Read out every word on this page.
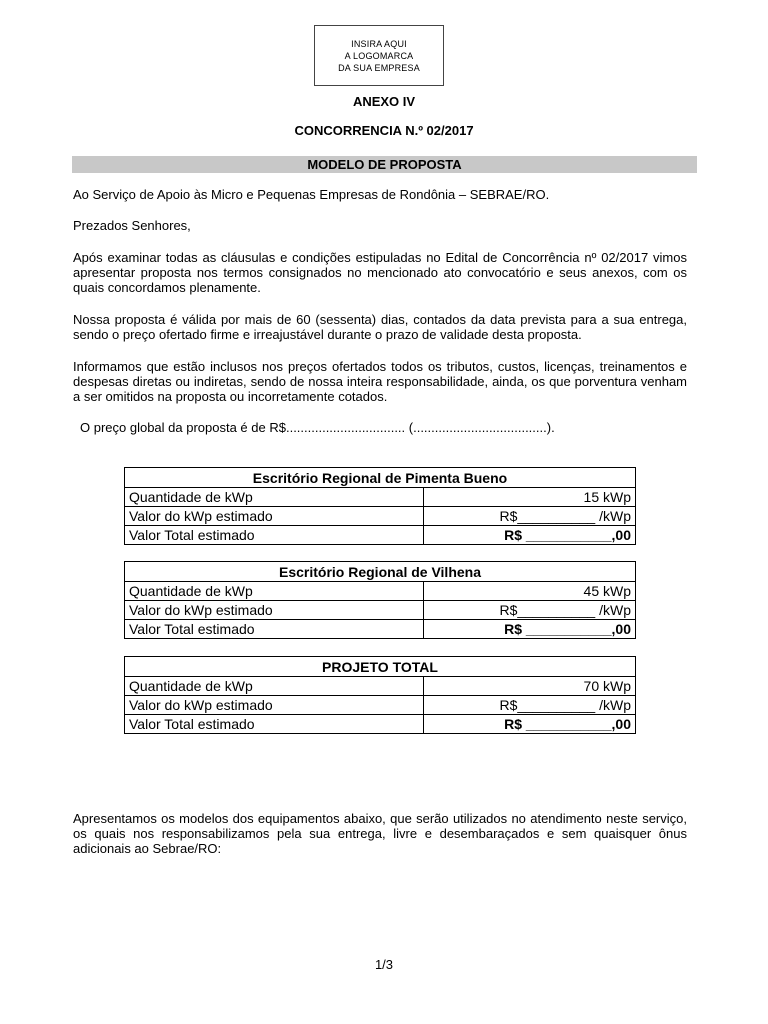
INSIRA AQUI
A LOGOMARCA
DA SUA EMPRESA
ANEXO IV
CONCORRENCIA N.º 02/2017
MODELO DE PROPOSTA
Ao Serviço de Apoio às Micro e Pequenas Empresas de Rondônia – SEBRAE/RO.
Prezados Senhores,
Após examinar todas as cláusulas e condições estipuladas no Edital de Concorrência nº 02/2017 vimos apresentar proposta nos termos consignados no mencionado ato convocatório e seus anexos, com os quais concordamos plenamente.
Nossa proposta é válida por mais de 60 (sessenta) dias, contados da data prevista para a sua entrega, sendo o preço ofertado firme e irreajustável durante o prazo de validade desta proposta.
Informamos que estão inclusos nos preços ofertados todos os tributos, custos, licenças, treinamentos e despesas diretas ou indiretas, sendo de nossa inteira responsabilidade, ainda, os que porventura venham a ser omitidos na proposta ou incorretamente cotados.
O preço global da proposta é de R$................................. (.....................................).
Escritório Regional de Pimenta Bueno	
Quantidade de kWp	15 kWp
Valor do kWp estimado	R$__________ /kWp
Valor Total estimado	R$ ___________,00
Escritório Regional de Vilhena	
Quantidade de kWp	45 kWp
Valor do kWp estimado	R$__________ /kWp
Valor Total estimado	R$ ___________,00
PROJETO TOTAL	
Quantidade de kWp	70 kWp
Valor do kWp estimado	R$__________ /kWp
Valor Total estimado	R$ ___________,00
Apresentamos os modelos dos equipamentos abaixo, que serão utilizados no atendimento neste serviço, os quais nos responsabilizamos pela sua entrega, livre e desembaraçados e sem quaisquer ônus adicionais ao Sebrae/RO:
1/3
